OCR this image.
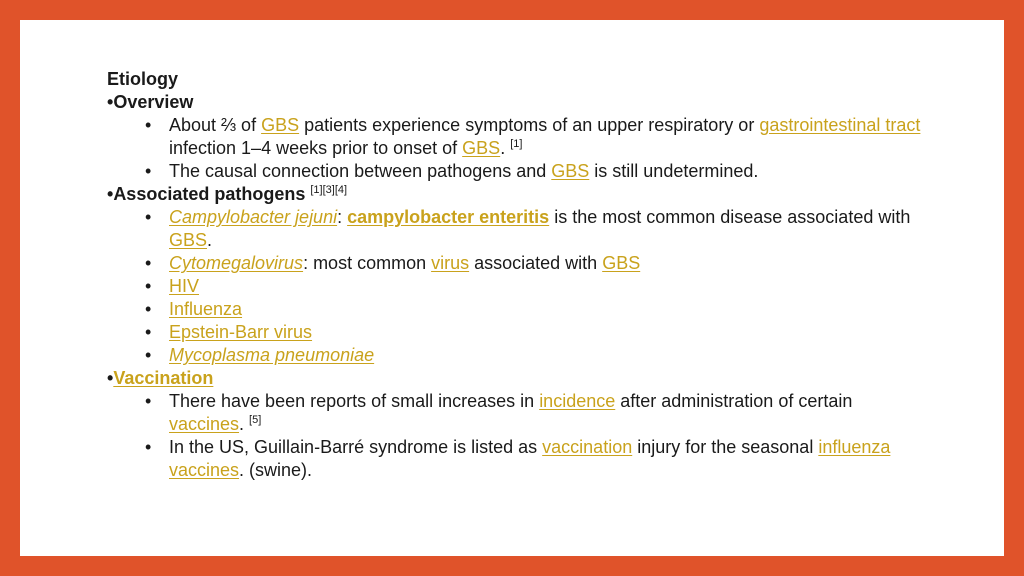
Etiology
•Overview
• About ⅔ of GBS patients experience symptoms of an upper respiratory or gastrointestinal tract infection 1–4 weeks prior to onset of GBS. [1]
• The causal connection between pathogens and GBS is still undetermined.
•Associated pathogens [1][3][4]
• Campylobacter jejuni: campylobacter enteritis is the most common disease associated with GBS.
• Cytomegalovirus: most common virus associated with GBS
• HIV
• Influenza
• Epstein-Barr virus
• Mycoplasma pneumoniae
•Vaccination
• There have been reports of small increases in incidence after administration of certain vaccines. [5]
• In the US, Guillain-Barré syndrome is listed as vaccination injury for the seasonal influenza vaccines. (swine).
